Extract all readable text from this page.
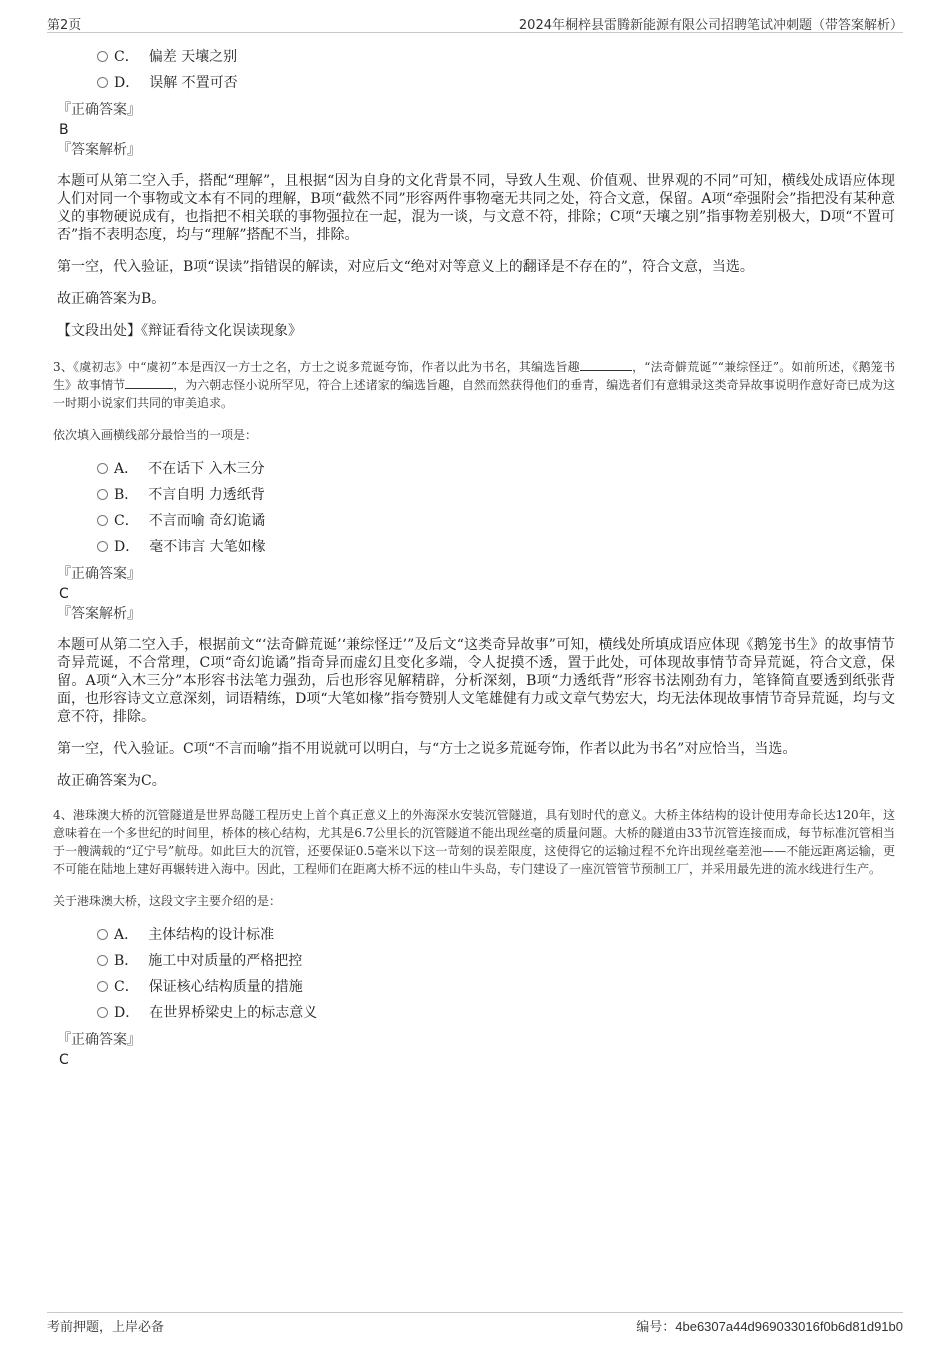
第2页	2024年桐梓县雷腾新能源有限公司招聘笔试冲刺题（带答案解析）
C． 偏差 天壤之别
D． 误解 不置可否
『正确答案』
B
『答案解析』

本题可从第二空入手，搭配“理解”，且根据“因为自身的文化背景不同，导致人生观、价值观、世界观的不同”可知，横线处成语应体现人们对同一个事物或文本有不同的理解，B项“截然不同”形容两件事物毫无共同之处，符合文意，保留。A项“牵强附会”指把没有某种意义的事物硬说成有，也指把不相关联的事物强拉在一起，混为一谈，与文意不符，排除；C项“天壤之别”指事物差别极大，D项“不置可否”指不表明态度，均与“理解”搭配不当，排除。

第一空，代入验证，B项“误读”指错误的解读，对应后文“绝对对等意义上的翻译是不存在的”，符合文意，当选。

故正确答案为B。

【文段出处】《辩证看待文化误读现象》

3、《虞初志》中“虞初”本是西汉一方士之名，方士之说多荒诞夸饰，作者以此为书名，其编选旨趣	，“法奇僻荒诞”“兼综怪迂”。如前所述，《鹅笼书生》故事情节	，为六朝志怪小说所罕见，符合上述诸家的编选旨趣，自然而然获得他们的垂青，编选者们有意辑录这类奇异故事说明作意好奇已成为这一时期小说家们共同的审美追求。

依次填入画横线部分最恰当的一项是：

A． 不在话下 入木三分
B． 不言自明 力透纸背
C． 不言而喻 奇幻诡谲
D． 毫不讳言 大笔如椽
『正确答案』
C
『答案解析』

本题可从第二空入手，根据前文“‘法奇僻荒诞’‘兼综怪迂’”及后文“这类奇异故事”可知，横线处所填成语应体现《鹅笼书生》的故事情节奇异荒诞，不合常理，C项“奇幻诡谲”指奇异而虚幻且变化多端，令人捉摸不透，置于此处，可体现故事情节奇异荒诞，符合文意，保留。A项“入木三分”本形容书法笔力强劲，后也形容见解精辟，分析深刻，B项“力透纸背”形容书法刚劲有力，笔锋简直要透到纸张背面，也形容诗文立意深刻，词语精练，D项“大笔如椽”指夸赞别人文笔雄健有力或文章气势宏大，均无法体现故事情节奇异荒诞，均与文意不符，排除。

第一空，代入验证。C项“不言而喻”指不用说就可以明白，与“方士之说多荒诞夸饰，作者以此为书名”对应恰当，当选。

故正确答案为C。

4、港珠澳大桥的沉管隧道是世界岛隧工程历史上首个真正意义上的外海深水安装沉管隧道，具有划时代的意义。大桥主体结构的设计使用寿命长达120年，这意味着在一个多世纪的时间里，桥体的核心结构，尤其是6.7公里长的沉管隧道不能出现丝毫的质量问题。大桥的隧道由33节沉管连接而成，每节标准沉管相当于一艘满载的“辽宁号”航母。如此巨大的沉管，还要保证0.5毫米以下这一苛刻的误差限度，这使得它的运输过程不允许出现丝毫差池——不能远距离运输，更不可能在陆地上建好再辗转进入海中。因此，工程师们在距离大桥不远的桂山牛头岛，专门建设了一座沉管管节预制工厂，并采用最先进的流水线进行生产。

关于港珠澳大桥，这段文字主要介绍的是：

A． 主体结构的设计标准
B． 施工中对质量的严格把控
C． 保证核心结构质量的措施
D． 在世界桥梁史上的标志意义
『正确答案』
C
考前押题，上岸必备	编号：4be6307a44d969033016f0b6d81d91b0
